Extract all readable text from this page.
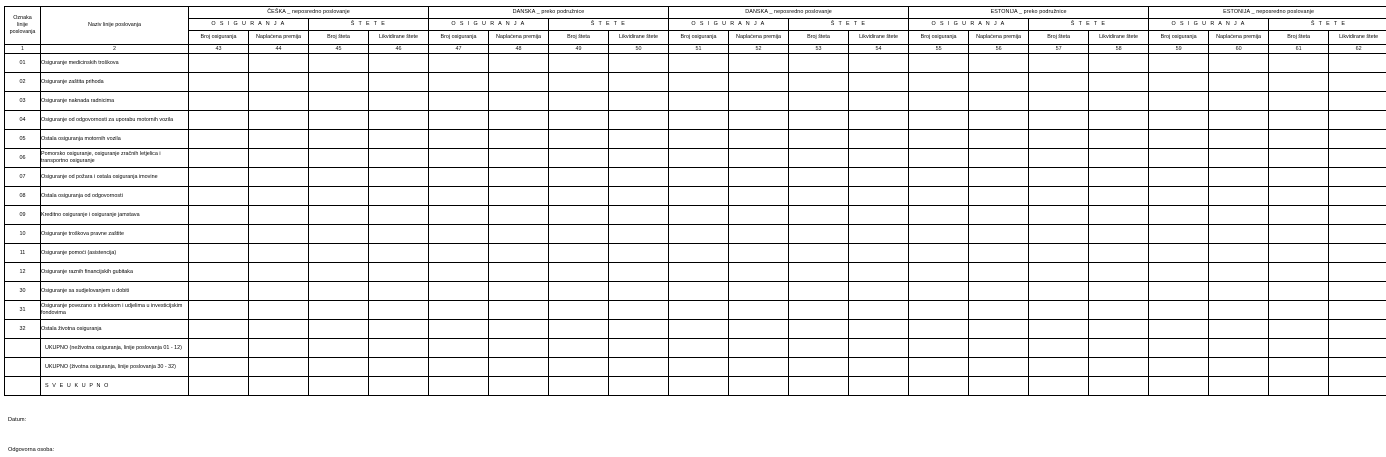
Oznaka
linije
poslovanja	Naziv linije poslovanja	ČEŠKA _ neposredno poslovanje				DANSKA _ preko podružnice				DANSKA _ neposredno poslovanje				ESTONIJA _ preko podružnice				ESTONIJA _ neposredno poslovanje			
		O S I G U R A N J A		Š T E T E		O S I G U R A N J A		Š T E T E		O S I G U R A N J A		Š T E T E		O S I G U R A N J A		Š T E T E		O S I G U R A N J A		Š T E T E	
		Broj osiguranja	Naplaćena premija	Broj šteta	Likvidirane štete	Broj osiguranja	Naplaćena premija	Broj šteta	Likvidirane štete	Broj osiguranja	Naplaćena premija	Broj šteta	Likvidirane štete	Broj osiguranja	Naplaćena premija	Broj šteta	Likvidirane štete	Broj osiguranja	Naplaćena premija	Broj šteta	Likvidirane štete
1	2	43	44	45	46	47	48	49	50	51	52	53	54	55	56	57	58	59	60	61	62
01	Osiguranje medicinskih troškova																				
02	Osiguranje zaštita prihoda																				
03	Osiguranje naknada radnicima																				
04	Osiguranje od odgovornosti za uporabu motornih vozila																				
05	Ostala osiguranja motornih vozila																				
06	Pomorsko osiguranje, osiguranje zračnih letjelica i transportno osiguranje																				
07	Osiguranje od požara i ostala osiguranja imovine																				
08	Ostala osiguranja od odgovornosti																				
09	Kreditno osiguranje i osiguranje jamstava																				
10	Osiguranje troškova pravne zaštite																				
11	Osiguranje pomoći (asistencija)																				
12	Osiguranje raznih financijskih gubitaka																				
30	Osiguranje sa sudjelovanjem u dobiti																				
31	Osiguranje povezano s indeksom i udjelima u investicijskim fondovima																				
32	Ostala životna osiguranja																				
	UKUPNO (neživotna osiguranja, linije poslovanja 01 - 12)																				
	UKUPNO (životna osiguranja, linije poslovanja 30 - 32)																				
	S V E U K U P N O																				
Datum:
Odgovorna osoba:
